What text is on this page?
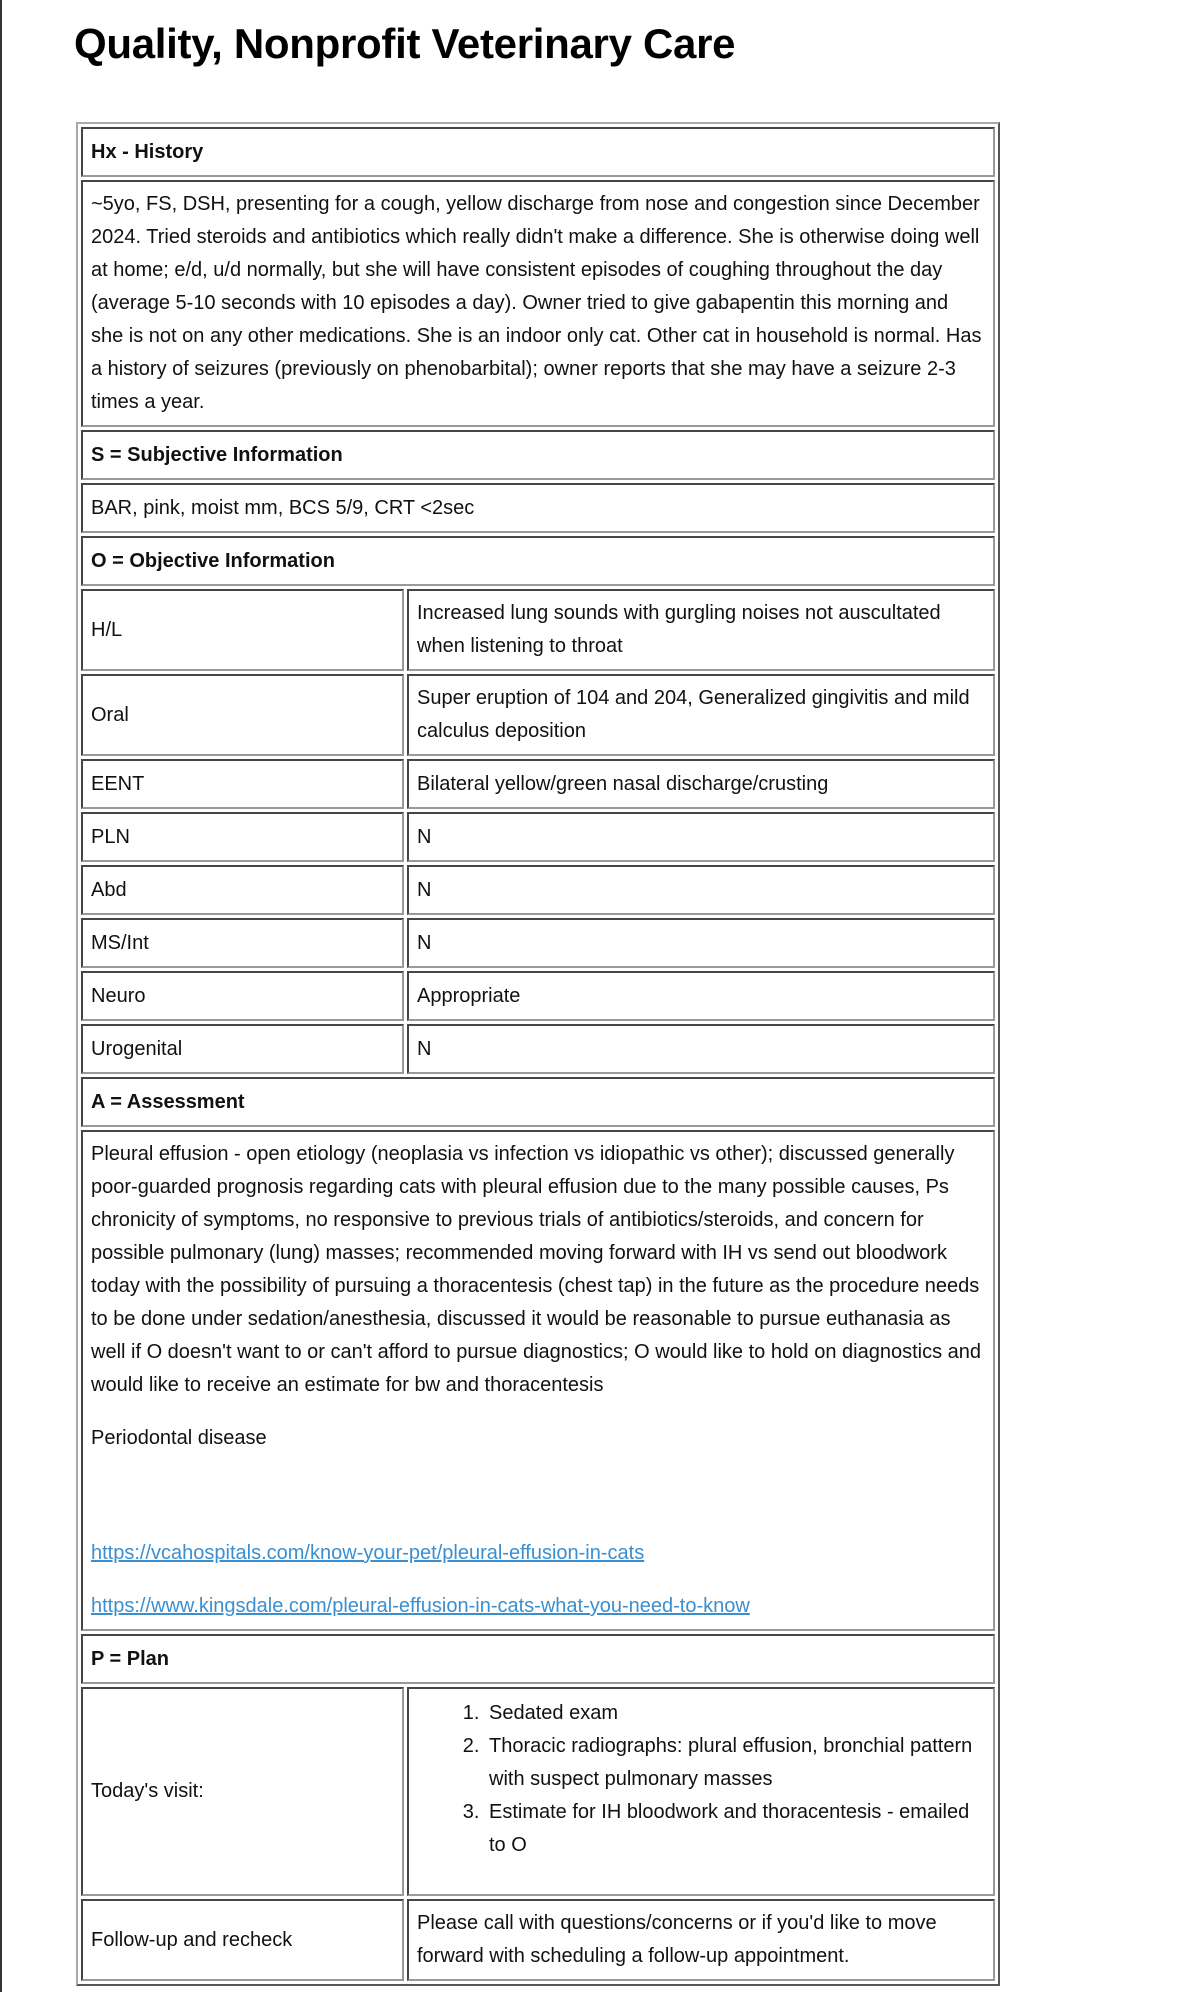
Quality, Nonprofit Veterinary Care
Hx - History	
~5yo, FS, DSH, presenting for a cough, yellow discharge from nose and congestion since December 2024. Tried steroids and antibiotics which really didn't make a difference. She is otherwise doing well at home; e/d, u/d normally, but she will have consistent episodes of coughing throughout the day (average 5-10 seconds with 10 episodes a day). Owner tried to give gabapentin this morning and she is not on any other medications. She is an indoor only cat. Other cat in household is normal. Has a history of seizures (previously on phenobarbital); owner reports that she may have a seizure 2-3 times a year.	
S = Subjective Information	
BAR, pink, moist mm, BCS 5/9, CRT <2sec	
O = Objective Information	
H/L	Increased lung sounds with gurgling noises not auscultated when listening to throat
Oral	Super eruption of 104 and 204, Generalized gingivitis and mild calculus deposition
EENT	Bilateral yellow/green nasal discharge/crusting
PLN	N
Abd	N
MS/Int	N
Neuro	Appropriate
Urogenital	N
A = Assessment	

Pleural effusion - open etiology (neoplasia vs infection vs idiopathic vs other); discussed generally poor-guarded prognosis regarding cats with pleural effusion due to the many possible causes, Ps chronicity of symptoms, no responsive to previous trials of antibiotics/steroids, and concern for possible pulmonary (lung) masses; recommended moving forward with IH vs send out bloodwork today with the possibility of pursuing a thoracentesis (chest tap) in the future as the procedure needs to be done under sedation/anesthesia, discussed it would be reasonable to pursue euthanasia as well if O doesn't want to or can't afford to pursue diagnostics; O would like to hold on diagnostics and would like to receive an estimate for bw and thoracentesis

Periodontal disease

https://vcahospitals.com/know-your-pet/pleural-effusion-in-cats

https://www.kingsdale.com/pleural-effusion-in-cats-what-you-need-to-know	

P = Plan	
Today's visit:	
1. Sedated exam
2. Thoracic radiographs: plural effusion, bronchial pattern with suspect pulmonary masses
3. Estimate for IH bloodwork and thoracentesis - emailed to O

Follow-up and recheck	Please call with questions/concerns or if you'd like to move forward with scheduling a follow-up appointment.
